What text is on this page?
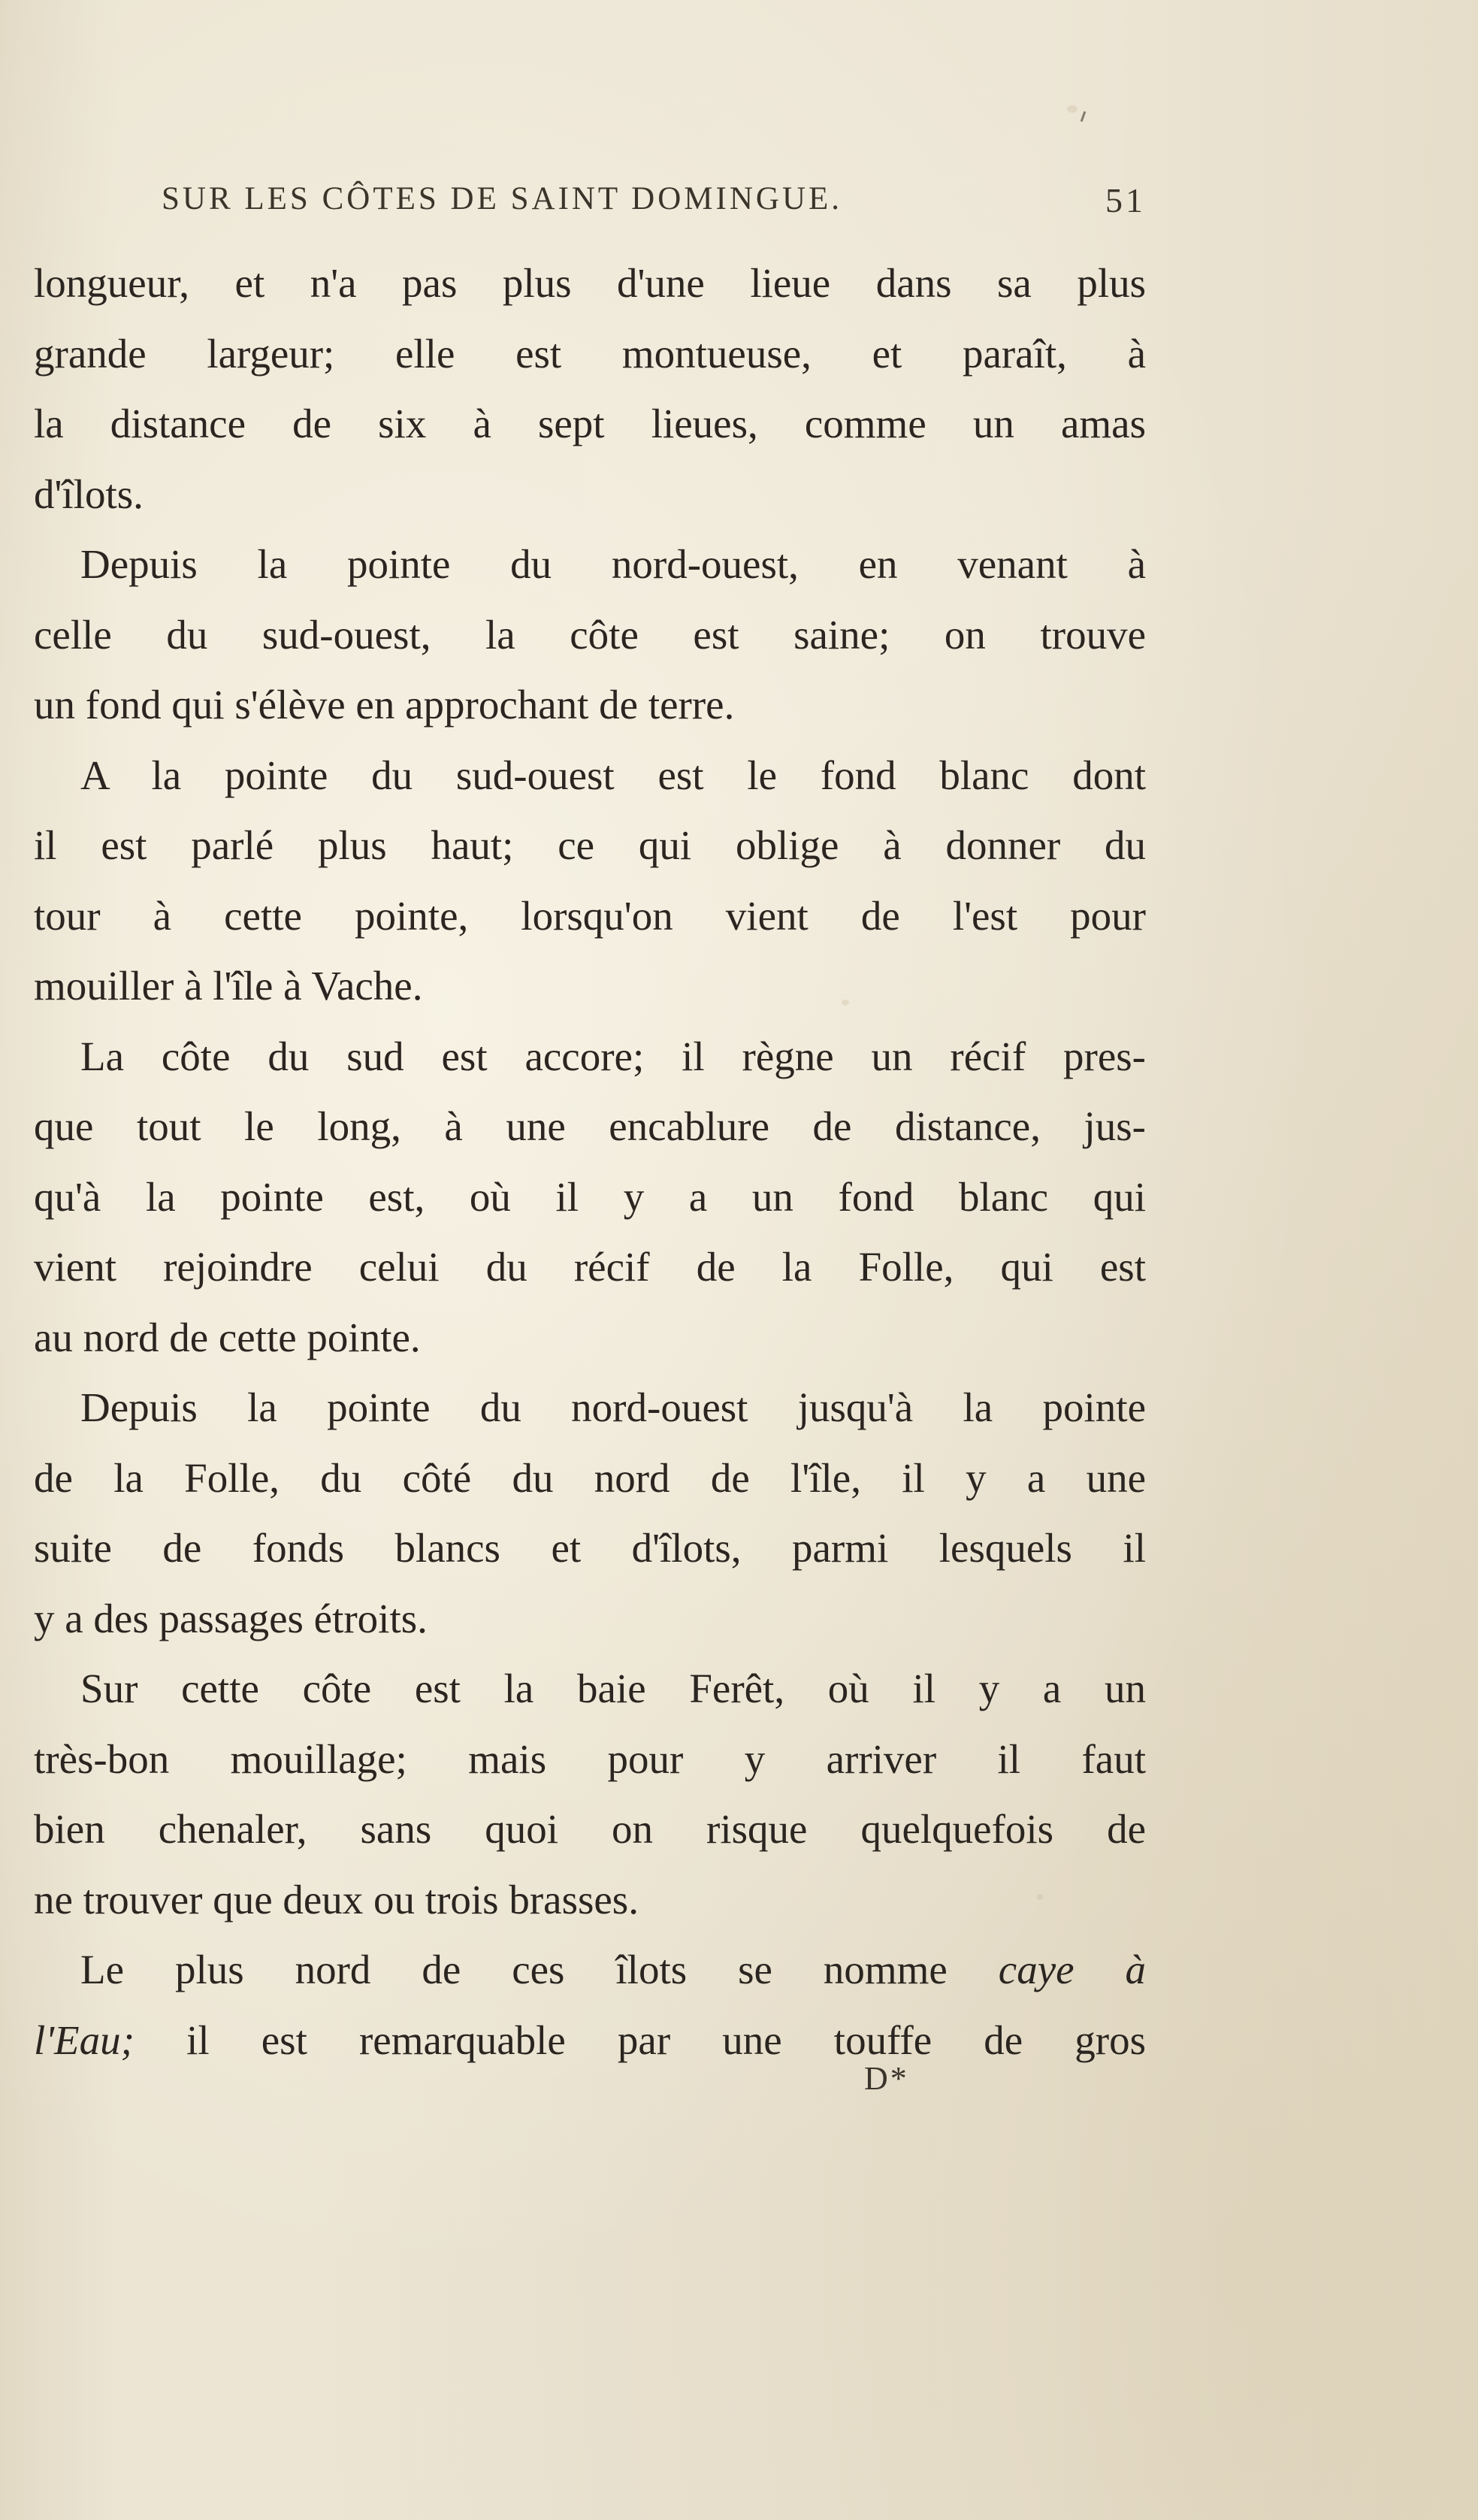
SUR LES CÔTES DE SAINT DOMINGUE.	51
longueur, et n'a pas plus d'une lieue dans sa plus
grande largeur; elle est montueuse, et paraît, à
la distance de six à sept lieues, comme un amas
d'îlots.
Depuis la pointe du nord-ouest, en venant à
celle du sud-ouest, la côte est saine; on trouve
un fond qui s'élève en approchant de terre.
A la pointe du sud-ouest est le fond blanc dont
il est parlé plus haut; ce qui oblige à donner du
tour à cette pointe, lorsqu'on vient de l'est pour
mouiller à l'île à Vache.
La côte du sud est accore; il règne un récif pres-
que tout le long, à une encablure de distance, jus-
qu'à la pointe est, où il y a un fond blanc qui
vient rejoindre celui du récif de la Folle, qui est
au nord de cette pointe.
Depuis la pointe du nord-ouest jusqu'à la pointe
de la Folle, du côté du nord de l'île, il y a une
suite de fonds blancs et d'îlots, parmi lesquels il
y a des passages étroits.
Sur cette côte est la baie Ferêt, où il y a un
très-bon mouillage; mais pour y arriver il faut
bien chenaler, sans quoi on risque quelquefois de
ne trouver que deux ou trois brasses.
Le plus nord de ces îlots se nomme caye à
l'Eau; il est remarquable par une touffe de gros
D*
